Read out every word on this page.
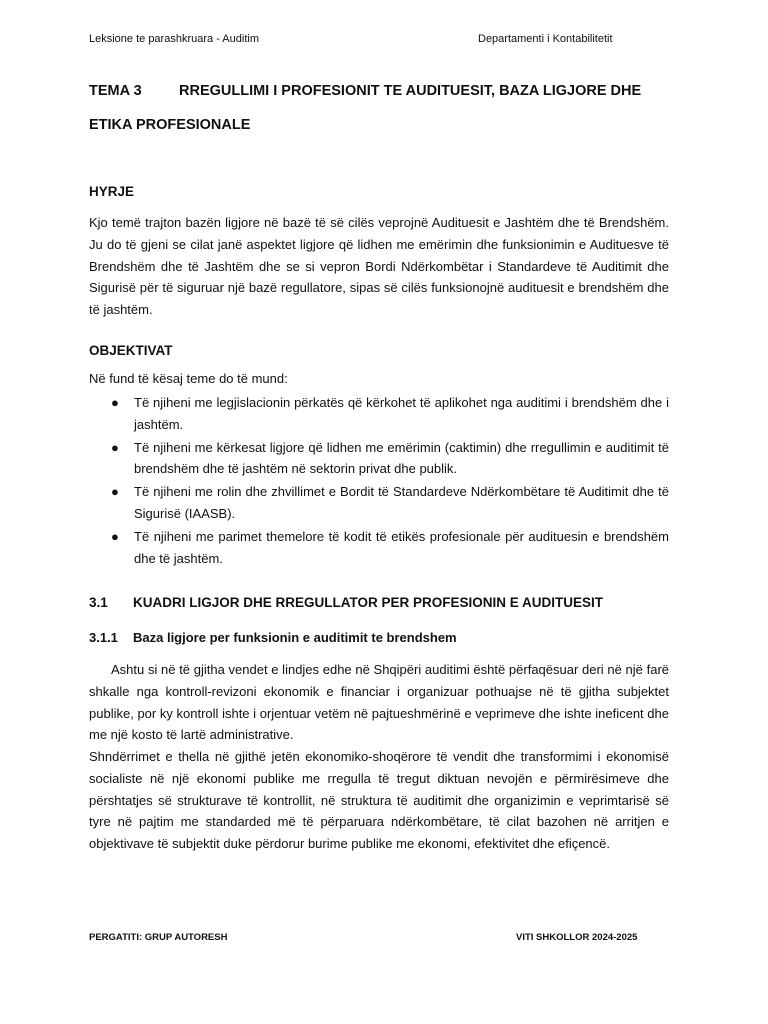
Leksione te parashkruara - Auditim	Departamenti i Kontabilitetit
TEMA 3	RREGULLIMI I PROFESIONIT TE AUDITUESIT, BAZA LIGJORE DHE
ETIKA PROFESIONALE
HYRJE

Kjo temë trajton bazën ligjore në bazë të së cilës veprojnë Audituesit e Jashtëm dhe të Brendshëm. Ju do të gjeni se cilat janë aspektet ligjore që lidhen me emërimin dhe funksionimin e Audituesve të Brendshëm dhe të Jashtëm dhe se si vepron Bordi Ndërkombëtar i Standardeve të Auditimit dhe Sigurisë për të siguruar një bazë regullatore, sipas së cilës funksionojnë audituesit e brendshëm dhe të jashtëm.

OBJEKTIVAT
Në fund të kësaj teme do të mund:
● Të njiheni me legjislacionin përkatës që kërkohet të aplikohet nga auditimi i brendshëm dhe i jashtëm.
● Të njiheni me kërkesat ligjore që lidhen me emërimin (caktimin) dhe rregullimin e auditimit të brendshëm dhe të jashtëm në sektorin privat dhe publik.
● Të njiheni me rolin dhe zhvillimet e Bordit të Standardeve Ndërkombëtare të Auditimit dhe të Sigurisë (IAASB).
● Të njiheni me parimet themelore të kodit të etikës profesionale për audituesin e brendshëm dhe të jashtëm.
3.1 KUADRI LIGJOR DHE RREGULLATOR PER PROFESIONIN E AUDITUESIT
3.1.1 Baza ligjore per funksionin e auditimit te brendshem

Ashtu si në të gjitha vendet e lindjes edhe në Shqipëri auditimi është përfaqësuar deri në një farë shkalle nga kontroll-revizoni ekonomik e financiar i organizuar pothuajse në të gjitha subjektet publike, por ky kontroll ishte i orjentuar vetëm në pajtueshmërinë e veprimeve dhe ishte ineficent dhe me një kosto të lartë administrative.

Shndërrimet e thella në gjithë jetën ekonomiko-shoqërore të vendit dhe transformimi i ekonomisë socialiste në një ekonomi publike me rregulla të tregut diktuan nevojën e përmirësimeve dhe përshtatjes së strukturave të kontrollit, në struktura të auditimit dhe organizimin e veprimtarisë së tyre në pajtim me standarded më të përparuara ndërkombëtare, të cilat bazohen në arritjen e objektivave të subjektit duke përdorur burime publike me ekonomi, efektivitet dhe efiçencë.

PERGATITI: GRUP AUTORESH	VITI SHKOLLOR 2024-2025
